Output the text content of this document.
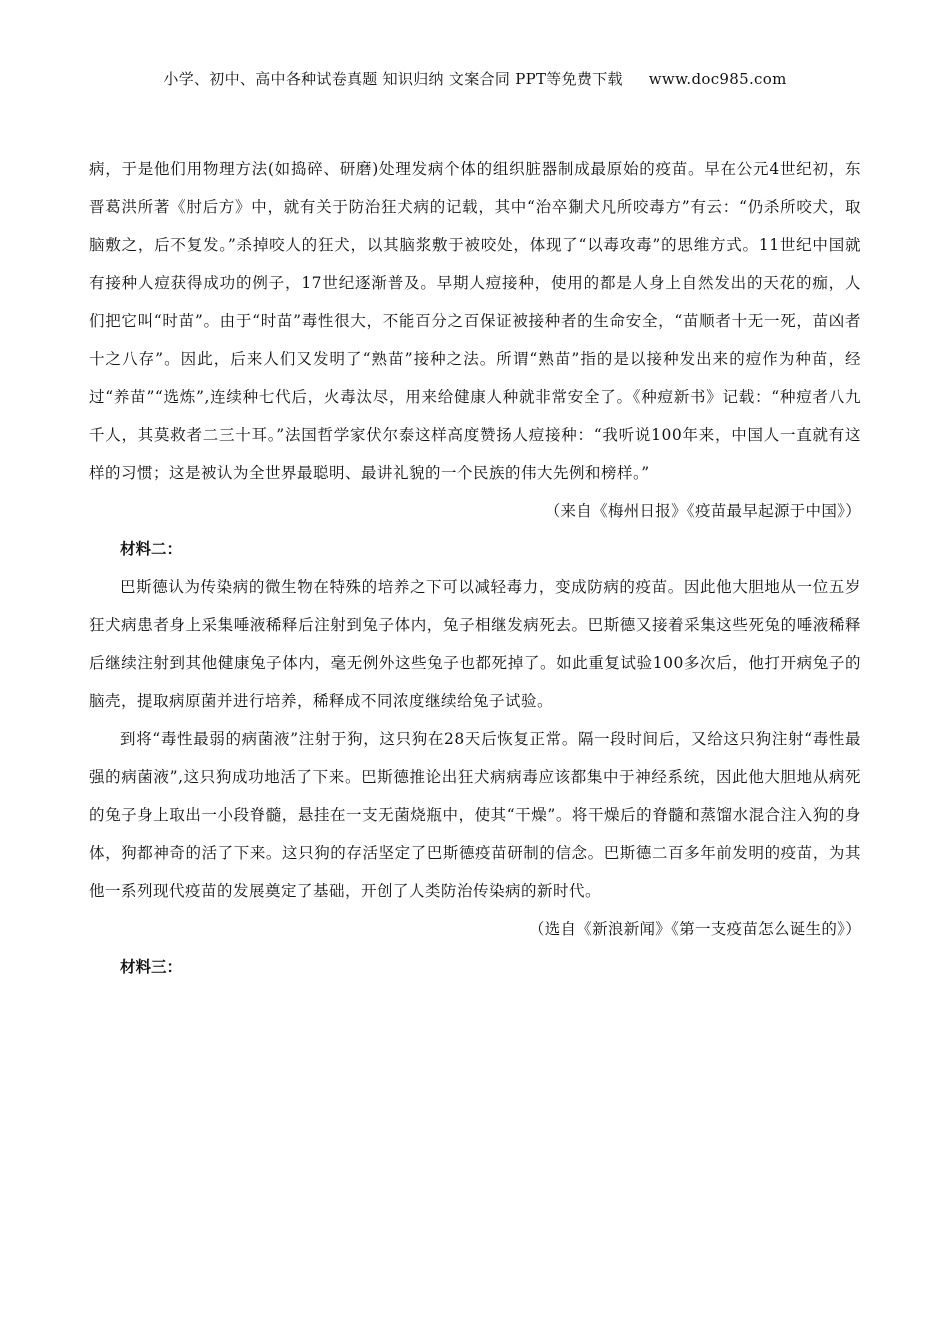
小学、初中、高中各种试卷真题 知识归纳 文案合同 PPT等免费下载 www.doc985.com

病，于是他们用物理方法(如捣碎、研磨)处理发病个体的组织脏器制成最原始的疫苗。早在公元4世纪初，东晋葛洪所著《肘后方》中，就有关于防治狂犬病的记载，其中“治卒猘犬凡所咬毒方”有云：“仍杀所咬犬，取脑敷之，后不复发。”杀掉咬人的狂犬，以其脑浆敷于被咬处，体现了“以毒攻毒”的思维方式。11世纪中国就有接种人痘获得成功的例子，17世纪逐渐普及。早期人痘接种，使用的都是人身上自然发出的天花的痂，人们把它叫“时苗”。由于“时苗”毒性很大，不能百分之百保证被接种者的生命安全，“苗顺者十无一死，苗凶者十之八存”。因此，后来人们又发明了“熟苗”接种之法。所谓“熟苗”指的是以接种发出来的痘作为种苗，经过“养苗”“选炼”,连续种七代后，火毒汰尽，用来给健康人种就非常安全了。《种痘新书》记载：“种痘者八九千人，其莫救者二三十耳。”法国哲学家伏尔泰这样高度赞扬人痘接种：“我听说100年来，中国人一直就有这样的习惯；这是被认为全世界最聪明、最讲礼貌的一个民族的伟大先例和榜样。”

（来自《梅州日报》《疫苗最早起源于中国》）

材料二：

巴斯德认为传染病的微生物在特殊的培养之下可以减轻毒力，变成防病的疫苗。因此他大胆地从一位五岁狂犬病患者身上采集唾液稀释后注射到兔子体内，兔子相继发病死去。巴斯德又接着采集这些死兔的唾液稀释后继续注射到其他健康兔子体内，毫无例外这些兔子也都死掉了。如此重复试验100多次后，他打开病兔子的脑壳，提取病原菌并进行培养，稀释成不同浓度继续给兔子试验。

到将“毒性最弱的病菌液”注射于狗，这只狗在28天后恢复正常。隔一段时间后，又给这只狗注射“毒性最强的病菌液”,这只狗成功地活了下来。巴斯德推论出狂犬病病毒应该都集中于神经系统，因此他大胆地从病死的兔子身上取出一小段脊髓，悬挂在一支无菌烧瓶中，使其“干燥”。将干燥后的脊髓和蒸馏水混合注入狗的身体，狗都神奇的活了下来。这只狗的存活坚定了巴斯德疫苗研制的信念。巴斯德二百多年前发明的疫苗，为其他一系列现代疫苗的发展奠定了基础，开创了人类防治传染病的新时代。

（选自《新浪新闻》《第一支疫苗怎么诞生的》）

材料三：
